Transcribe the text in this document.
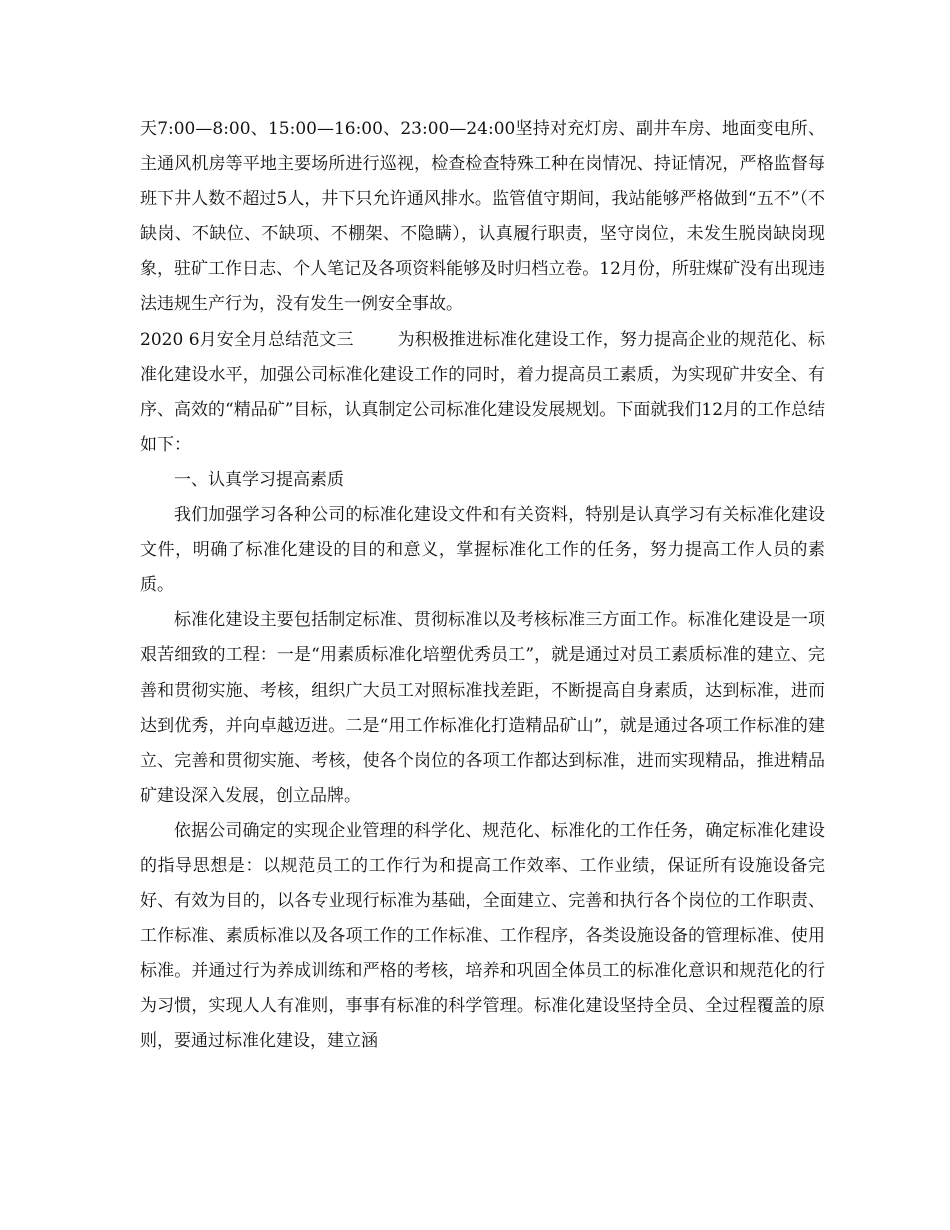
天7:00—8:00、15:00—16:00、23:00—24:00坚持对充灯房、副井车房、地面变电所、主通风机房等平地主要场所进行巡视，检查检查特殊工种在岗情况、持证情况，严格监督每班下井人数不超过5人，井下只允许通风排水。监管值守期间，我站能够严格做到“五不”（不缺岗、不缺位、不缺项、不棚架、不隐瞒），认真履行职责，坚守岗位，未发生脱岗缺岗现象，驻矿工作日志、个人笔记及各项资料能够及时归档立卷。12月份，所驻煤矿没有出现违法违规生产行为，没有发生一例安全事故。

2020 6月安全月总结范文三	为积极推进标准化建设工作，努力提高企业的规范化、标准化建设水平，加强公司标准化建设工作的同时，着力提高员工素质，为实现矿井安全、有序、高效的“精品矿”目标，认真制定公司标准化建设发展规划。下面就我们12月的工作总结如下：

一、认真学习提高素质

我们加强学习各种公司的标准化建设文件和有关资料，特别是认真学习有关标准化建设文件，明确了标准化建设的目的和意义，掌握标准化工作的任务，努力提高工作人员的素质。

标准化建设主要包括制定标准、贯彻标准以及考核标准三方面工作。标准化建设是一项艰苦细致的工程：一是“用素质标准化培塑优秀员工”，就是通过对员工素质标准的建立、完善和贯彻实施、考核，组织广大员工对照标准找差距，不断提高自身素质，达到标准，进而达到优秀，并向卓越迈进。二是“用工作标准化打造精品矿山”，就是通过各项工作标准的建立、完善和贯彻实施、考核，使各个岗位的各项工作都达到标准，进而实现精品，推进精品矿建设深入发展，创立品牌。

依据公司确定的实现企业管理的科学化、规范化、标准化的工作任务，确定标准化建设的指导思想是：以规范员工的工作行为和提高工作效率、工作业绩，保证所有设施设备完好、有效为目的，以各专业现行标准为基础，全面建立、完善和执行各个岗位的工作职责、工作标准、素质标准以及各项工作的工作标准、工作程序，各类设施设备的管理标准、使用标准。并通过行为养成训练和严格的考核，培养和巩固全体员工的标准化意识和规范化的行为习惯，实现人人有准则，事事有标准的科学管理。标准化建设坚持全员、全过程覆盖的原则，要通过标准化建设，建立涵
